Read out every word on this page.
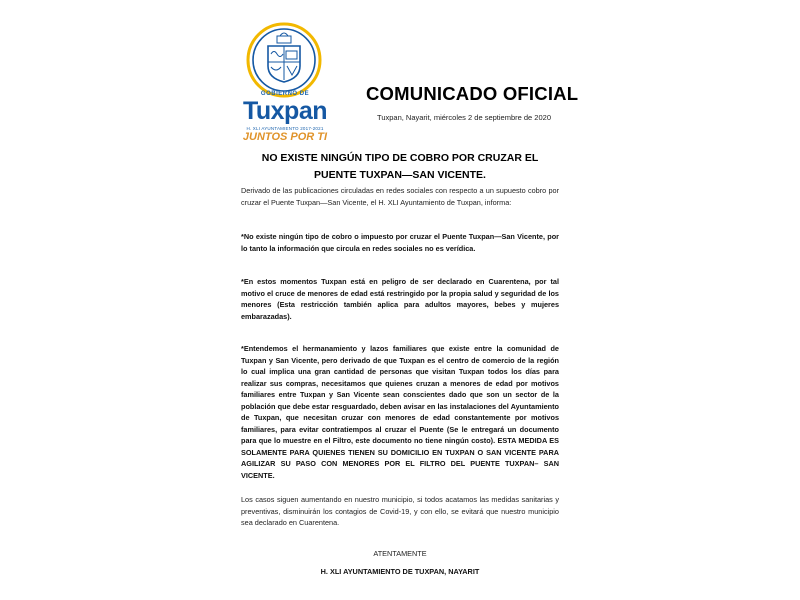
GOBIERNO DE
Tuxpan
H. XLI AYUNTAMIENTO 2017-2021
JUNTOS POR TI
COMUNICADO OFICIAL
Tuxpan, Nayarit, miércoles 2 de septiembre de 2020
NO EXISTE NINGÚN TIPO DE COBRO POR CRUZAR EL PUENTE TUXPAN—SAN VICENTE.

Derivado de las publicaciones circuladas en redes sociales con respecto a un supuesto cobro por cruzar el Puente Tuxpan—San Vicente, el H. XLI Ayuntamiento de Tuxpan, informa:

*No existe ningún tipo de cobro o impuesto por cruzar el Puente Tuxpan—San Vicente, por lo tanto la información que circula en redes sociales no es verídica.

*En estos momentos Tuxpan está en peligro de ser declarado en Cuarentena, por tal motivo el cruce de menores de edad está restringido por la propia salud y seguridad de los menores (Esta restricción también aplica para adultos mayores, bebes y mujeres embarazadas).

*Entendemos el hermanamiento y lazos familiares que existe entre la comunidad de Tuxpan y San Vicente, pero derivado de que Tuxpan es el centro de comercio de la región lo cual implica una gran cantidad de personas que visitan Tuxpan todos los días para realizar sus compras, necesitamos que quienes cruzan a menores de edad por motivos familiares entre Tuxpan y San Vicente sean conscientes dado que son un sector de la población que debe estar resguardado, deben avisar en las instalaciones del Ayuntamiento de Tuxpan, que necesitan cruzar con menores de edad constantemente por motivos familiares, para evitar contratiempos al cruzar el Puente (Se le entregará un documento para que lo muestre en el Filtro, este documento no tiene ningún costo). ESTA MEDIDA ES SOLAMENTE PARA QUIENES TIENEN SU DOMICILIO EN TUXPAN O SAN VICENTE PARA AGILIZAR SU PASO CON MENORES POR EL FILTRO DEL PUENTE TUXPAN– SAN VICENTE.

Los casos siguen aumentando en nuestro municipio, si todos acatamos las medidas sanitarias y preventivas, disminuirán los contagios de Covid-19, y con ello, se evitará que nuestro municipio sea declarado en Cuarentena.

ATENTAMENTE
H. XLI AYUNTAMIENTO DE TUXPAN, NAYARIT
